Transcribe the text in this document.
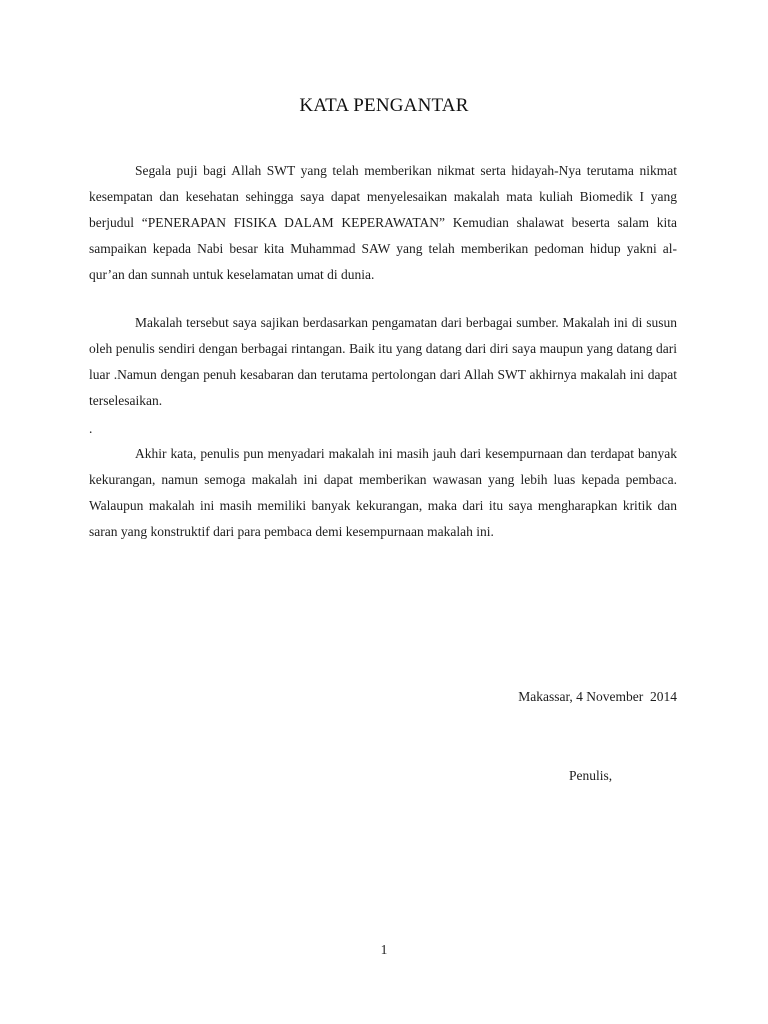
KATA PENGANTAR

Segala puji bagi Allah SWT yang telah memberikan nikmat serta hidayah-Nya terutama nikmat kesempatan dan kesehatan sehingga saya dapat menyelesaikan makalah mata kuliah Biomedik I yang berjudul “PENERAPAN FISIKA DALAM KEPERAWATAN” Kemudian shalawat beserta salam kita sampaikan kepada Nabi besar kita Muhammad SAW yang telah memberikan pedoman hidup yakni al-qur’an dan sunnah untuk keselamatan umat di dunia.

Makalah tersebut saya sajikan berdasarkan pengamatan dari berbagai sumber. Makalah ini di susun oleh penulis sendiri dengan berbagai rintangan. Baik itu yang datang dari diri saya maupun yang datang dari luar .Namun dengan penuh kesabaran dan terutama pertolongan dari Allah SWT akhirnya makalah ini dapat terselesaikan.

.

Akhir kata, penulis pun menyadari makalah ini masih jauh dari kesempurnaan dan terdapat banyak kekurangan, namun semoga makalah ini dapat memberikan wawasan yang lebih luas kepada pembaca. Walaupun makalah ini masih memiliki banyak kekurangan, maka dari itu saya mengharapkan kritik dan saran yang konstruktif dari para pembaca demi kesempurnaan makalah ini.

Makassar, 4 November  2014
Penulis,
1
